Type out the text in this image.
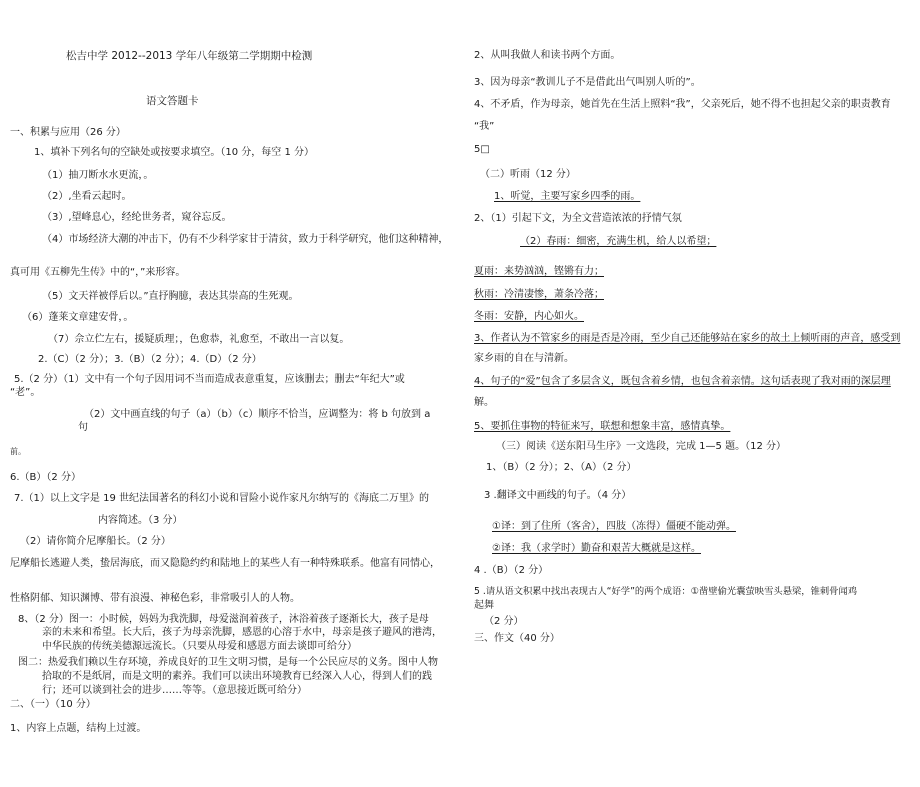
松吉中学 2012--2013 学年八年级第二学期期中检测
语文答题卡
一、积累与应用（26 分）
1、填补下列名句的空缺处或按要求填空。（10 分，每空 1 分）
（1）抽刀断水水更流，。
（2）,坐看云起时。
（3）,望峰息心，经纶世务者，窥谷忘反。
（4）市场经济大潮的冲击下，仍有不少科学家甘于清贫，致力于科学研究，他们这种精神，
真可用《五柳先生传》中的“，”来形容。
（5）文天祥被俘后以。”直抒胸臆，表达其崇高的生死观。
（6）蓬莱文章建安骨，。
（7）佘立伫左右，援疑质理；，色愈恭，礼愈至，不敢出一言以复。
2.（C）（2 分）；3.（B）（2 分）；4.（D）（2 分）
5.（2 分）（1）文中有一个句子因用词不当而造成表意重复，应该删去；删去“年纪大”或
“老”。
（2）文中画直线的句子（a）（b）（c）顺序不恰当，应调整为：将 b 句放到 a
句
前。
6.（B）（2 分）
7.（1）以上文字是 19 世纪法国著名的科幻小说和冒险小说作家凡尔纳写的《海底二万里》的
内容简述。（3 分）
（2）请你简介尼摩船长。（2 分）
尼摩船长逃避人类，蛰居海底，而又隐隐约约和陆地上的某些人有一种特殊联系。他富有同情心，
性格阴郁、知识渊博、带有浪漫、神秘色彩，非常吸引人的人物。
8、（2 分）图一：小时候，妈妈为我洗脚，母爱滋润着孩子，沐浴着孩子逐渐长大，孩子是母
亲的未来和希望。长大后，孩子为母亲洗脚，感恩的心溶于水中，母亲是孩子避风的港湾，
中华民族的传统美德源远流长。（只要从母爱和感恩方面去谈即可给分）
图二：热爱我们赖以生存环境，养成良好的卫生文明习惯，是每一个公民应尽的义务。图中人物
拾取的不是纸屑，而是文明的素养。我们可以读出环境教育已经深入人心，得到人们的践
行；还可以谈到社会的进步……等等。（意思接近既可给分）
二、（一）（10 分）
1、内容上点题，结构上过渡。
2、从叫我做人和读书两个方面。
3、因为母亲“教训儿子不是借此出气叫别人听的”。
4、不矛盾，作为母亲，她首先在生活上照料“我”，父亲死后，她不得不也担起父亲的职责教育
“我”
5□
（二）听雨（12 分）
1、听觉，主要写家乡四季的雨。
2、（1）引起下文，为全文营造浓浓的抒情气氛
（2）春雨：细密，充满生机，给人以希望；
夏雨：来势汹汹，铿锵有力；
秋雨：冷清凄惨，萧条冷落；
冬雨：安静，内心如火。
3、作者认为不管家乡的雨是否是冷雨，至少自己还能够站在家乡的故土上倾听雨的声音，感受到
家乡雨的自在与清新。
4、句子的“爱”包含了多层含义，既包含着乡情，也包含着亲情。这句话表现了我对雨的深层理
解。
5、要抓住事物的特征来写，联想和想象丰富，感情真挚。
（三）阅读《送东阳马生序》一文选段，完成 1—5 题。（12 分）
1、（B）（2 分）；2、（A）（2 分）
3 .翻译文中画线的句子。（4 分）
①译：到了住所（客舍），四肢（冻得）僵硬不能动弹。
②译：我（求学时）勤奋和艰苦大概就是这样。
4 .（B）（2 分）
5 .请从语文积累中找出表现古人“好学”的两个成语：①凿壁偷光囊萤映雪头悬梁，锥刺骨闻鸡
起舞
（2 分）
三、作文（40 分）
